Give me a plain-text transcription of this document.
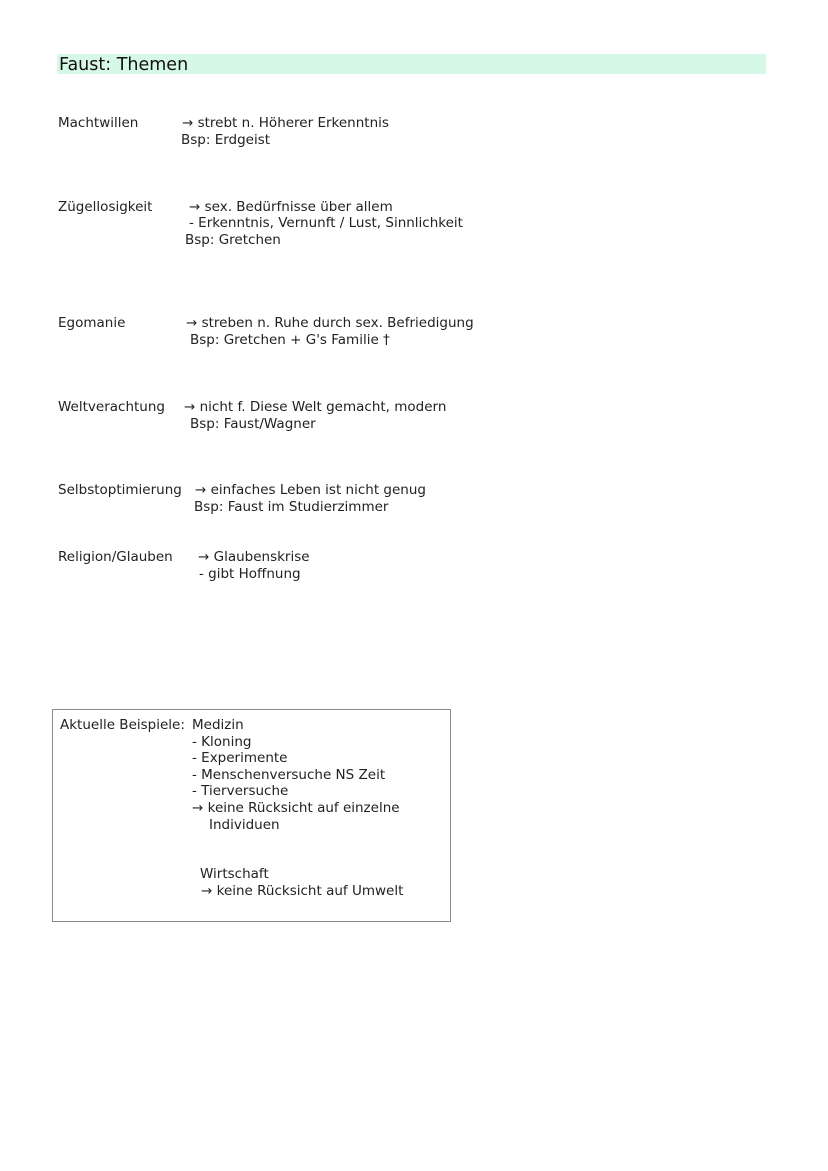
Faust: Themen
Machtwillen	→ strebt n. Höherer Erkenntnis
Bsp: Erdgeist
Zügellosigkeit	→ sex. Bedürfnisse über allem
- Erkenntnis, Vernunft / Lust, Sinnlichkeit
Bsp: Gretchen
Egomanie	→ streben n. Ruhe durch sex. Befriedigung
Bsp: Gretchen + G's Familie †
Weltverachtung → nicht f. Diese Welt gemacht, modern
Bsp: Faust/Wagner
Selbstoptimierung → einfaches Leben ist nicht genug
Bsp: Faust im Studierzimmer
Religion/Glauben → Glaubenskrise
- gibt Hoffnung
Aktuelle Beispiele: Medizin
- Kloning
- Experimente
- Menschenversuche NS Zeit
- Tierversuche
→ keine Rücksicht auf einzelne
Individuen
Wirtschaft
→ keine Rücksicht auf Umwelt
